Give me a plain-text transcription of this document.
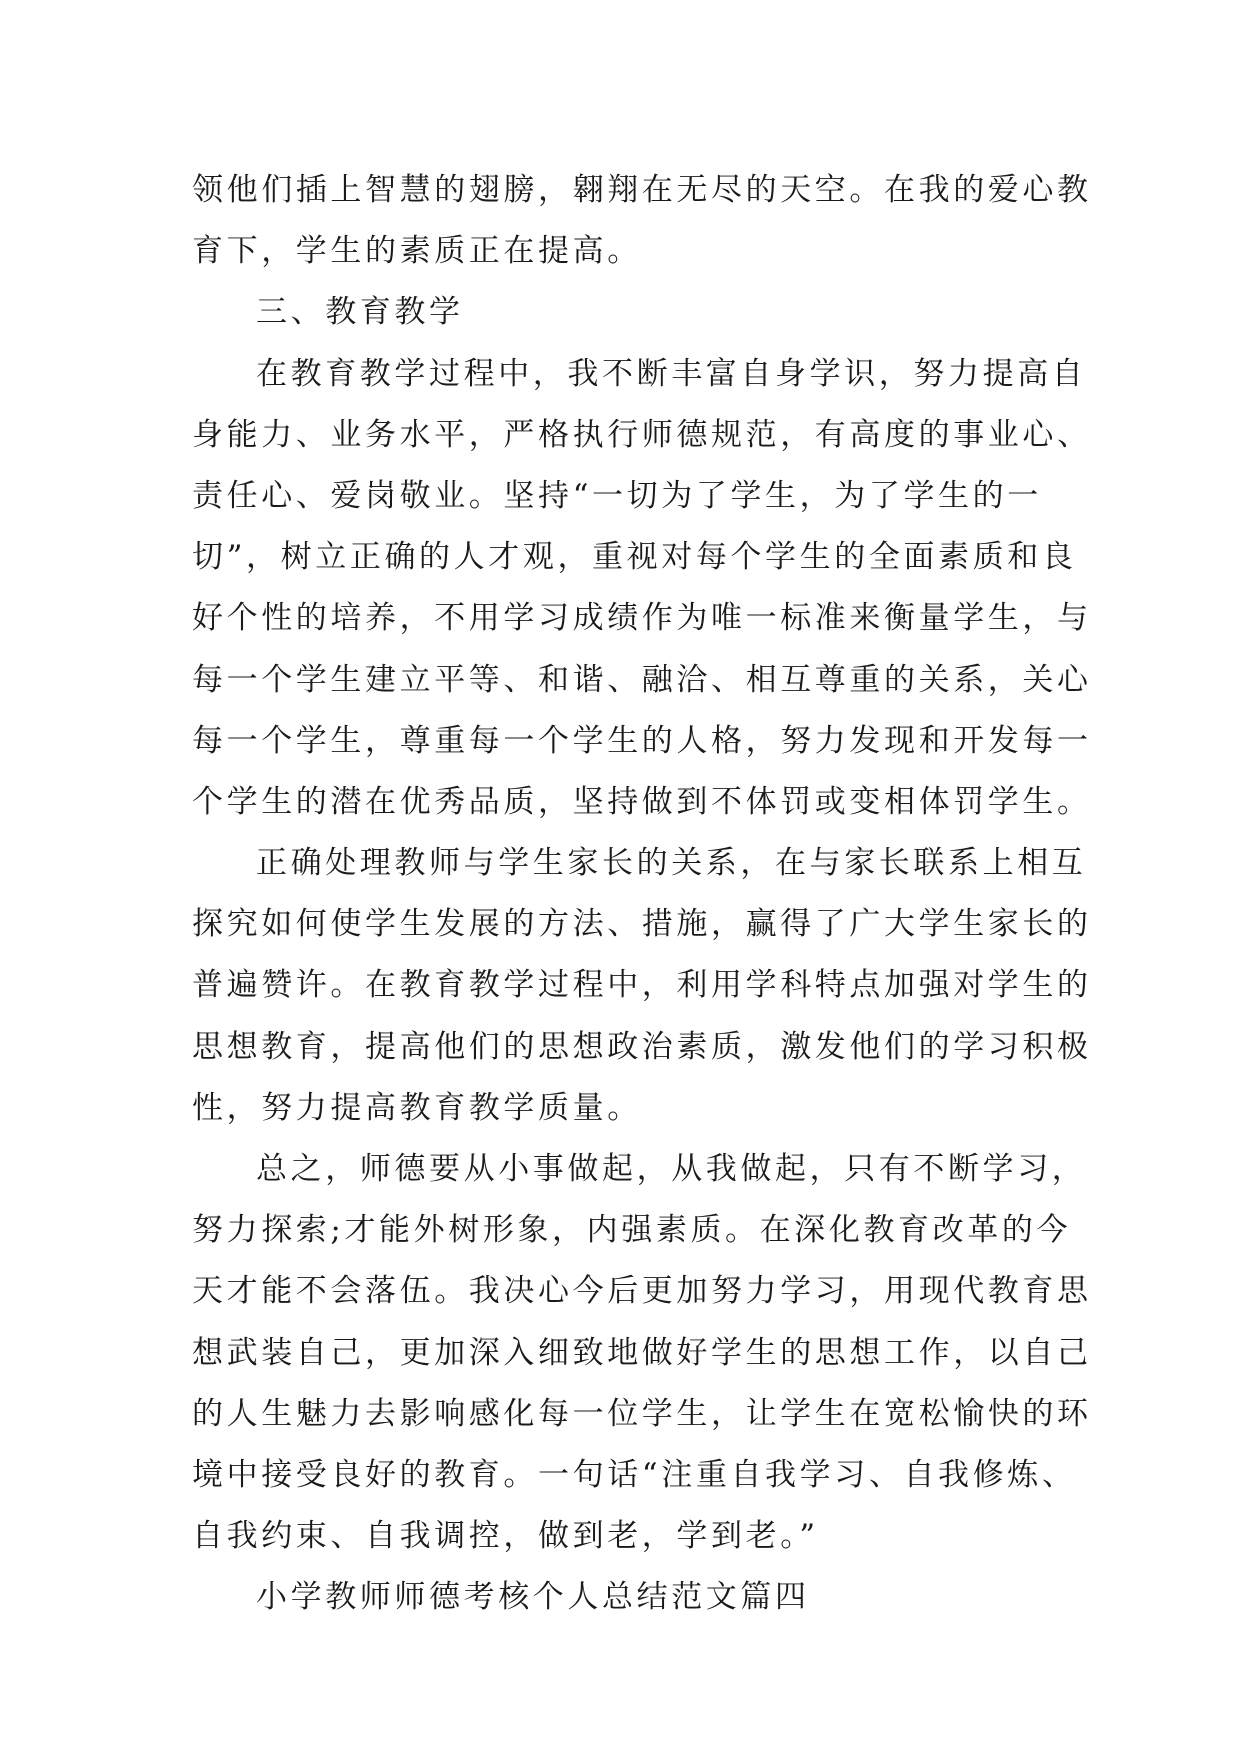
领他们插上智慧的翅膀，翱翔在无尽的天空。在我的爱心教
育下，学生的素质正在提高。
三、教育教学
在教育教学过程中，我不断丰富自身学识，努力提高自
身能力、业务水平，严格执行师德规范，有高度的事业心、
责任心、爱岗敬业。坚持“一切为了学生，为了学生的一
切”，树立正确的人才观，重视对每个学生的全面素质和良
好个性的培养，不用学习成绩作为唯一标准来衡量学生，与
每一个学生建立平等、和谐、融洽、相互尊重的关系，关心
每一个学生，尊重每一个学生的人格，努力发现和开发每一
个学生的潜在优秀品质，坚持做到不体罚或变相体罚学生。
正确处理教师与学生家长的关系，在与家长联系上相互
探究如何使学生发展的方法、措施，赢得了广大学生家长的
普遍赞许。在教育教学过程中，利用学科特点加强对学生的
思想教育，提高他们的思想政治素质，激发他们的学习积极
性，努力提高教育教学质量。
总之，师德要从小事做起，从我做起，只有不断学习，
努力探索;才能外树形象，内强素质。在深化教育改革的今
天才能不会落伍。我决心今后更加努力学习，用现代教育思
想武装自己，更加深入细致地做好学生的思想工作，以自己
的人生魅力去影响感化每一位学生，让学生在宽松愉快的环
境中接受良好的教育。一句话“注重自我学习、自我修炼、
自我约束、自我调控，做到老，学到老。”
小学教师师德考核个人总结范文篇四
